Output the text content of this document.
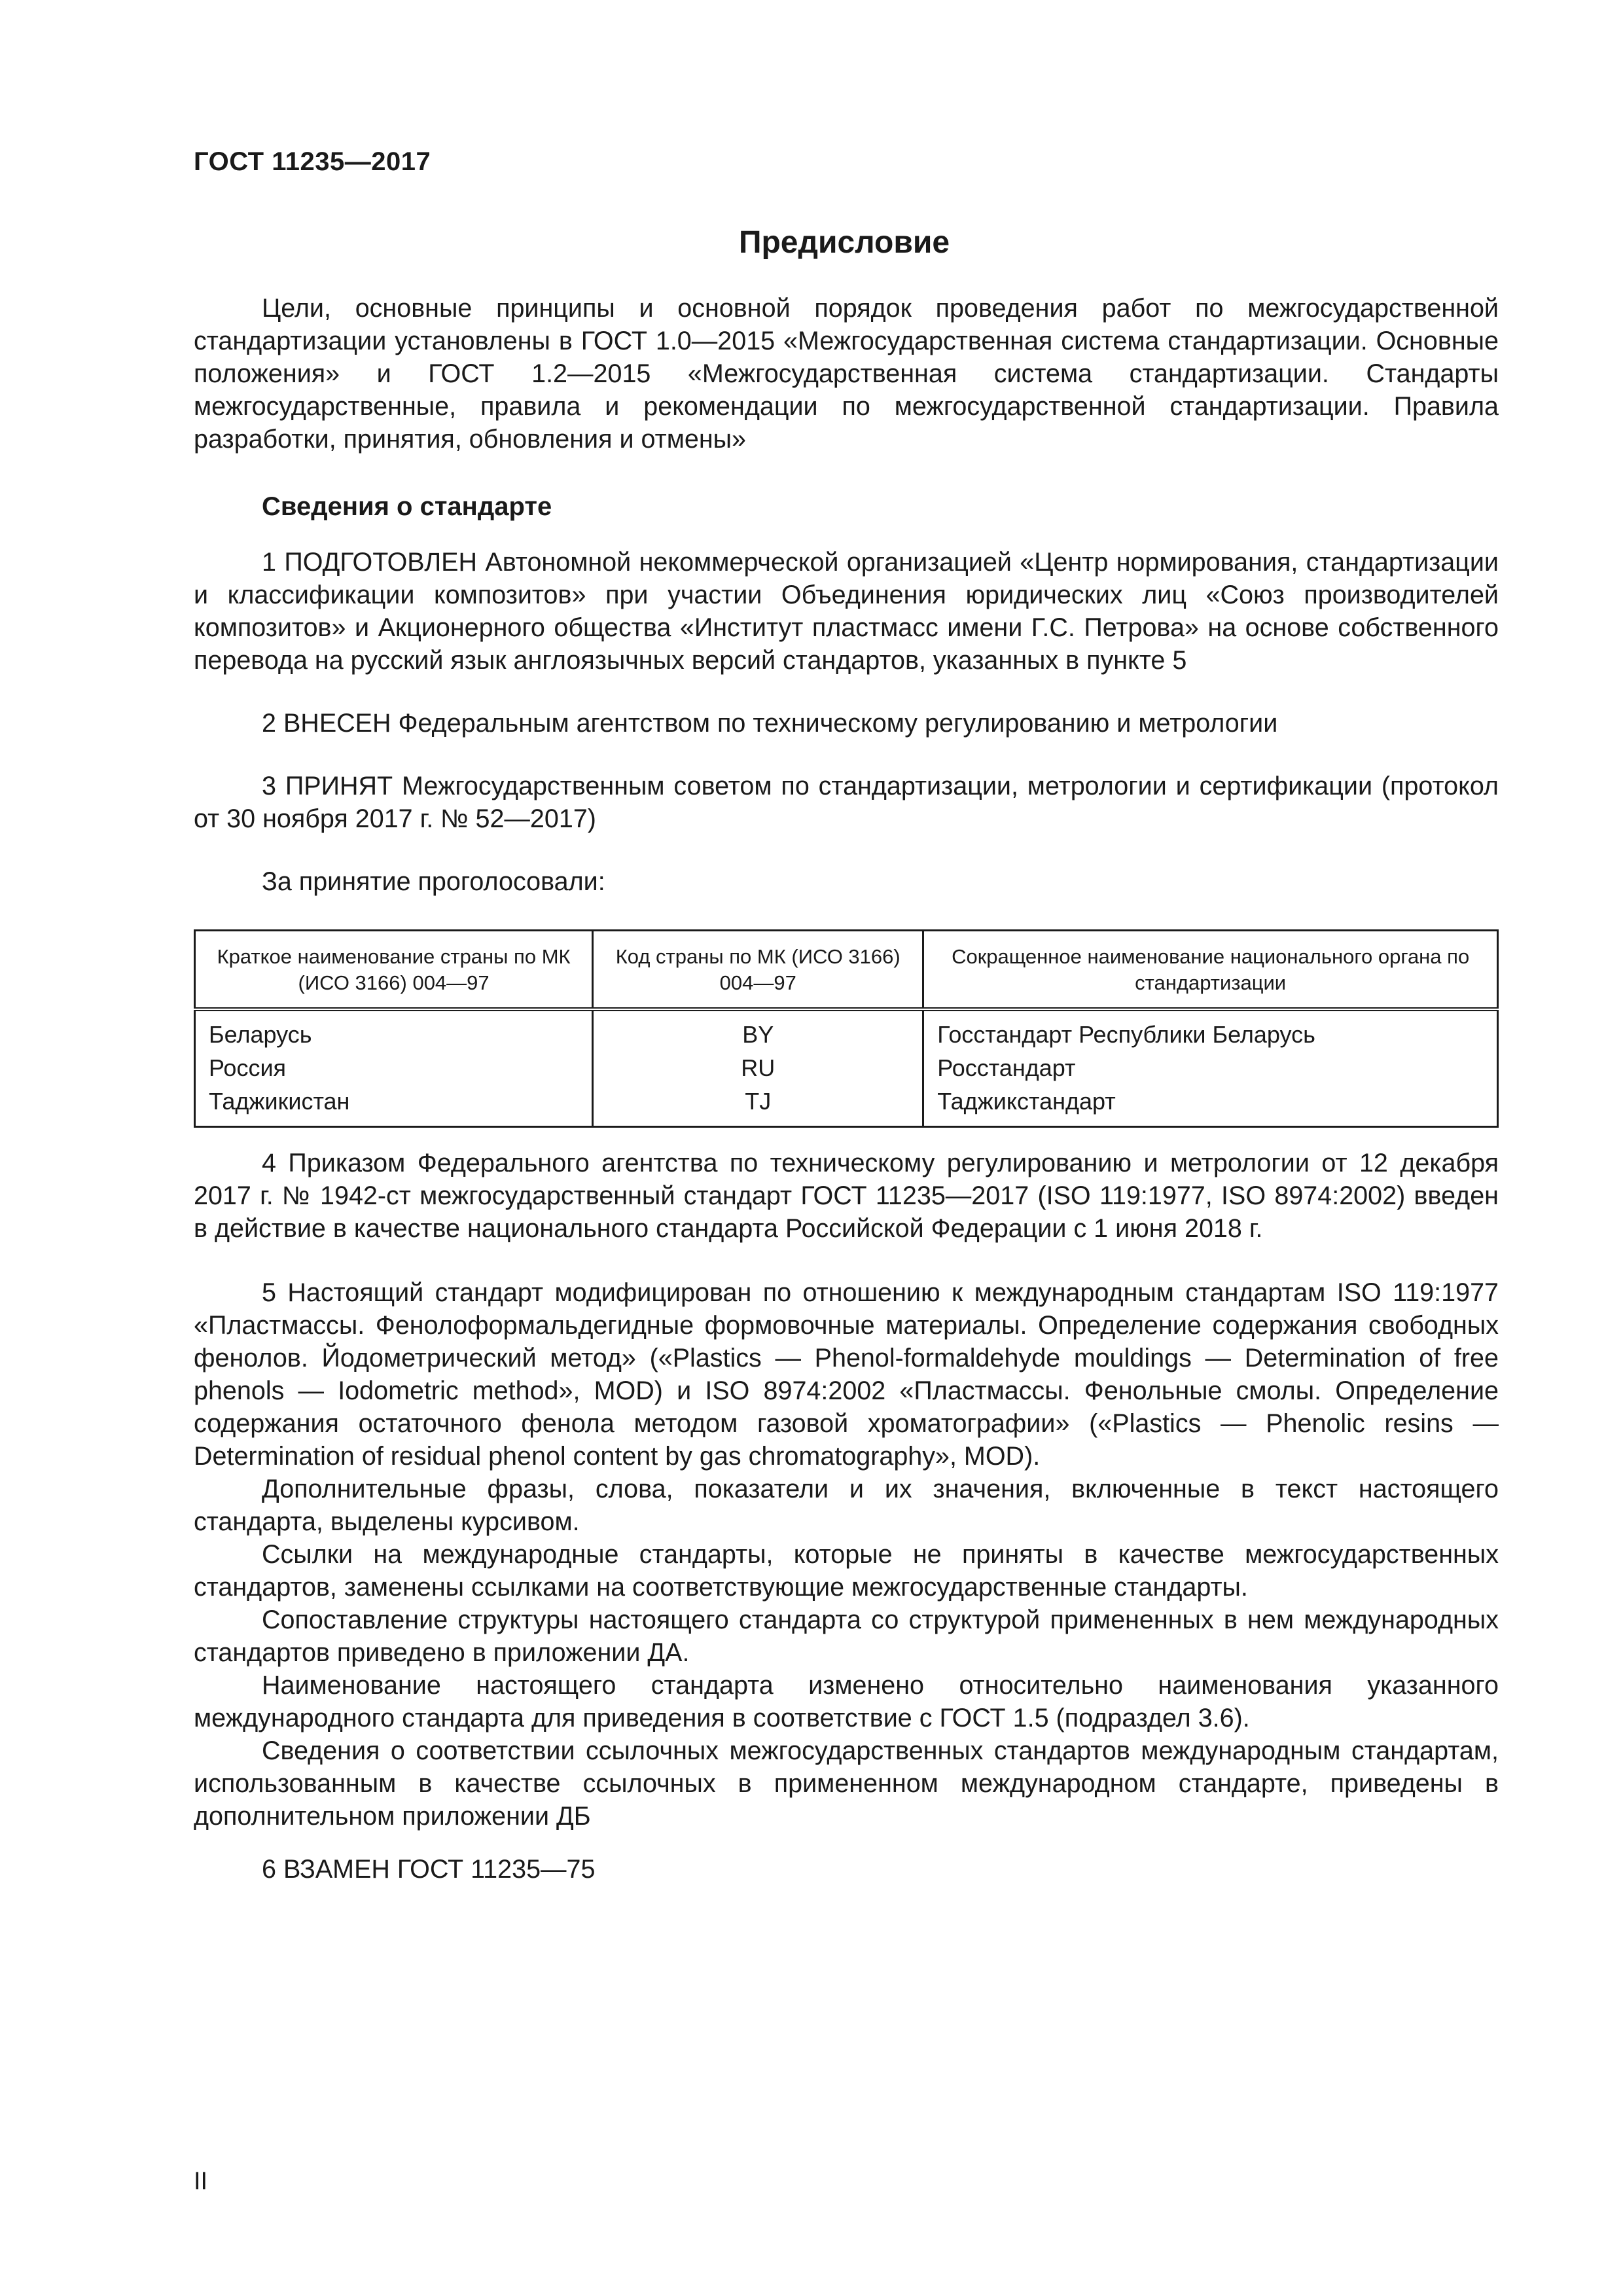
ГОСТ 11235—2017
Предисловие

Цели, основные принципы и основной порядок проведения работ по межгосударственной стандартизации установлены в ГОСТ 1.0—2015 «Межгосударственная система стандартизации. Основные положения» и ГОСТ 1.2—2015 «Межгосударственная система стандартизации. Стандарты межгосударственные, правила и рекомендации по межгосударственной стандартизации. Правила разработки, принятия, обновления и отмены»

Сведения о стандарте

1 ПОДГОТОВЛЕН Автономной некоммерческой организацией «Центр нормирования, стандартизации и классификации композитов» при участии Объединения юридических лиц «Союз производителей композитов» и Акционерного общества «Институт пластмасс имени Г.С. Петрова» на основе собственного перевода на русский язык англоязычных версий стандартов, указанных в пункте 5

2 ВНЕСЕН Федеральным агентством по техническому регулированию и метрологии

3 ПРИНЯТ Межгосударственным советом по стандартизации, метрологии и сертификации (протокол от 30 ноября 2017 г. № 52—2017)

За принятие проголосовали:
Краткое наименование страны по МК (ИСО 3166) 004—97	Код страны по МК (ИСО 3166) 004—97	Сокращенное наименование национального органа по стандартизации
Беларусь	BY	Госстандарт Республики Беларусь
Россия	RU	Росстандарт
Таджикистан	TJ	Таджикстандарт

4 Приказом Федерального агентства по техническому регулированию и метрологии от 12 декабря 2017 г. № 1942-ст межгосударственный стандарт ГОСТ 11235—2017 (ISO 119:1977, ISO 8974:2002) введен в действие в качестве национального стандарта Российской Федерации с 1 июня 2018 г.

5 Настоящий стандарт модифицирован по отношению к международным стандартам ISO 119:1977 «Пластмассы. Фенолоформальдегидные формовочные материалы. Определение содержания свободных фенолов. Йодометрический метод» («Plastics — Phenol-formaldehyde mouldings — Determination of free phenols — Iodometric method», MOD) и ISO 8974:2002 «Пластмассы. Фенольные смолы. Определение содержания остаточного фенола методом газовой хроматографии» («Plastics — Phenolic resins — Determination of residual phenol content by gas chromatography», MOD).

Дополнительные фразы, слова, показатели и их значения, включенные в текст настоящего стандарта, выделены курсивом.

Ссылки на международные стандарты, которые не приняты в качестве межгосударственных стандартов, заменены ссылками на соответствующие межгосударственные стандарты.

Сопоставление структуры настоящего стандарта со структурой примененных в нем международных стандартов приведено в приложении ДА.

Наименование настоящего стандарта изменено относительно наименования указанного международного стандарта для приведения в соответствие с ГОСТ 1.5 (подраздел 3.6).

Сведения о соответствии ссылочных межгосударственных стандартов международным стандартам, использованным в качестве ссылочных в примененном международном стандарте, приведены в дополнительном приложении ДБ

6 ВЗАМЕН ГОСТ 11235—75
II
